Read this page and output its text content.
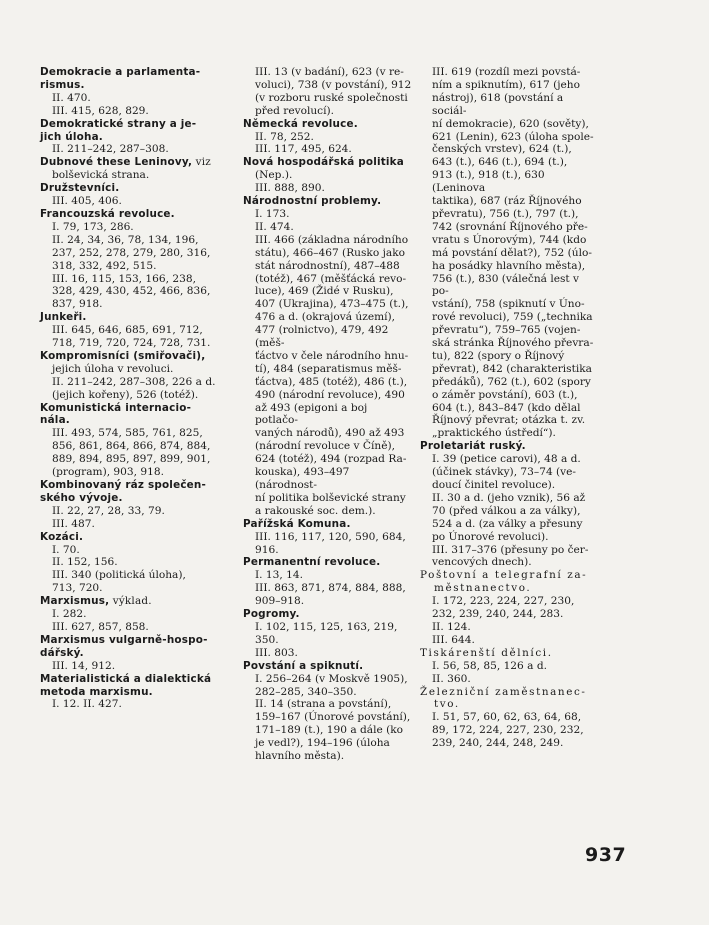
Demokracie a parlamenta-

rismus.

II. 470.

III. 415, 628, 829.

Demokratické strany a je-

jich úloha.

II. 211–242, 287–308.

Dubnové these Leninovy, viz

bolševická strana.

Družstevníci.

III. 405, 406.

Francouzská revoluce.

I. 79, 173, 286.

II. 24, 34, 36, 78, 134, 196,

237, 252, 278, 279, 280, 316,

318, 332, 492, 515.

III. 16, 115, 153, 166, 238,

328, 429, 430, 452, 466, 836,

837, 918.

Junkeři.

III. 645, 646, 685, 691, 712,

718, 719, 720, 724, 728, 731.

Kompromisníci (smiřovači),

jejich úloha v revoluci.

II. 211–242, 287–308, 226 a d.

(jejich kořeny), 526 (totéž).

Komunistická internacio-

nála.

III. 493, 574, 585, 761, 825,

856, 861, 864, 866, 874, 884,

889, 894, 895, 897, 899, 901,

(program), 903, 918.

Kombinovaný ráz společen-

ského vývoje.

II. 22, 27, 28, 33, 79.

III. 487.

Kozáci.

I. 70.

II. 152, 156.

III. 340 (politická úloha),

713, 720.

Marxismus, výklad.

I. 282.

III. 627, 857, 858.

Marxismus vulgarně-hospo-

dářský.

III. 14, 912.

Materialistická a dialektická

metoda marxismu.

I. 12. II. 427.

III. 13 (v badání), 623 (v re-

voluci), 738 (v povstání), 912

(v rozboru ruské společnosti

před revolucí).

Německá revoluce.

II. 78, 252.

III. 117, 495, 624.

Nová hospodářská politika

(Nep.).

III. 888, 890.

Národnostní problemy.

I. 173.

II. 474.

III. 466 (základna národního

státu), 466–467 (Rusko jako

stát národnostní), 487–488

(totéž), 467 (měšťácká revo-

luce), 469 (Židé v Rusku),

407 (Ukrajina), 473–475 (t.),

476 a d. (okrajová území),

477 (rolnictvo), 479, 492 (měš-

ťáctvo v čele národního hnu-

tí), 484 (separatismus měš-

ťáctva), 485 (totéž), 486 (t.),

490 (národní revoluce), 490

až 493 (epigoni a boj potlačo-

vaných národů), 490 až 493

(národní revoluce v Číně),

624 (totéž), 494 (rozpad Ra-

kouska), 493–497 (národnost-

ní politika bolševické strany

a rakouské soc. dem.).

Pařížská Komuna.

III. 116, 117, 120, 590, 684,

916.

Permanentní revoluce.

I. 13, 14.

III. 863, 871, 874, 884, 888,

909–918.

Pogromy.

I. 102, 115, 125, 163, 219, 350.

III. 803.

Povstání a spiknutí.

I. 256–264 (v Moskvě 1905),

282–285, 340–350.

II. 14 (strana a povstání),

159–167 (Únorové povstání),

171–189 (t.), 190 a dále (ko

je vedl?), 194–196 (úloha

hlavního města).

III. 619 (rozdíl mezi povstá-

ním a spiknutím), 617 (jeho

nástroj), 618 (povstání a sociál-

ní demokracie), 620 (sověty),

621 (Lenin), 623 (úloha spole-

čenských vrstev), 624 (t.),

643 (t.), 646 (t.), 694 (t.),

913 (t.), 918 (t.), 630 (Leninova

taktika), 687 (ráz Říjnového

převratu), 756 (t.), 797 (t.),

742 (srovnání Říjnového pře-

vratu s Únorovým), 744 (kdo

má povstání dělat?), 752 (úlo-

ha posádky hlavního města),

756 (t.), 830 (válečná lest v po-

vstání), 758 (spiknutí v Úno-

rové revoluci), 759 („technika

převratu“), 759–765 (vojen-

ská stránka Říjnového převra-

tu), 822 (spory o Říjnový

převrat), 842 (charakteristika

předáků), 762 (t.), 602 (spory

o záměr povstání), 603 (t.),

604 (t.), 843–847 (kdo dělal

Říjnový převrat; otázka t. zv.

„praktického ústředí“).

Proletariát ruský.

I. 39 (petice carovi), 48 a d.

(účinek stávky), 73–74 (ve-

doucí činitel revoluce).

II. 30 a d. (jeho vznik), 56 až

70 (před válkou a za války),

524 a d. (za války a přesuny

po Únorové revoluci).

III. 317–376 (přesuny po čer-

vencových dnech).

Poštovní a telegrafní za-

městnanectvo.

I. 172, 223, 224, 227, 230,

232, 239, 240, 244, 283.

II. 124.

III. 644.

Tiskárenští dělníci.

I. 56, 58, 85, 126 a d.

II. 360.

Železniční zaměstnanec-

tvo.

I. 51, 57, 60, 62, 63, 64, 68,

89, 172, 224, 227, 230, 232,

239, 240, 244, 248, 249.

937
